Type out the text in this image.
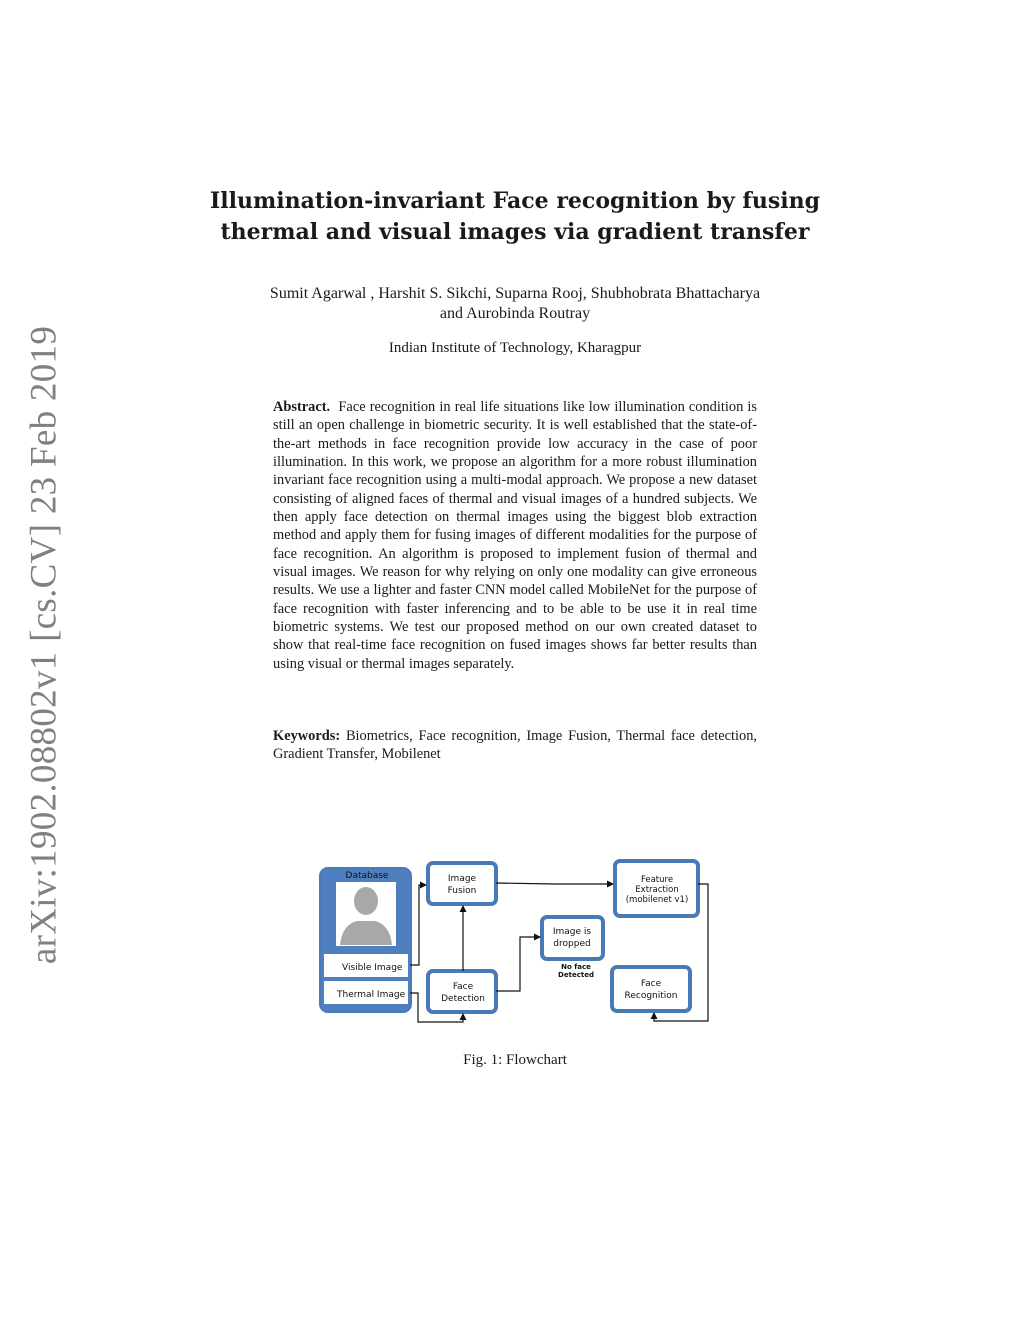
arXiv:1902.08802v1 [cs.CV] 23 Feb 2019
Illumination-invariant Face recognition by fusing
thermal and visual images via gradient transfer
Sumit Agarwal , Harshit S. Sikchi, Suparna Rooj, Shubhobrata Bhattacharya
and Aurobinda Routray
Indian Institute of Technology, Kharagpur
Abstract. Face recognition in real life situations like low illumination condition is still an open challenge in biometric security. It is well established that the state-of-the-art methods in face recognition provide low accuracy in the case of poor illumination. In this work, we propose an algorithm for a more robust illumination invariant face recognition using a multi-modal approach. We propose a new dataset consisting of aligned faces of thermal and visual images of a hundred subjects. We then apply face detection on thermal images using the biggest blob extraction method and apply them for fusing images of different modalities for the purpose of face recognition. An algorithm is proposed to implement fusion of thermal and visual images. We reason for why relying on only one modality can give erroneous results. We use a lighter and faster CNN model called MobileNet for the purpose of face recognition with faster inferencing and to be able to be use it in real time biometric systems. We test our proposed method on our own created dataset to show that real-time face recognition on fused images shows far better results than using visual or thermal images separately.
Keywords: Biometrics, Face recognition, Image Fusion, Thermal face detection, Gradient Transfer, Mobilenet
Database
Visible Image
Thermal Image
Image
Fusion
Face
Detection
Image is
dropped
No face
Detected
Feature
Extraction
(mobilenet v1)
Face
Recognition
Fig. 1: Flowchart
